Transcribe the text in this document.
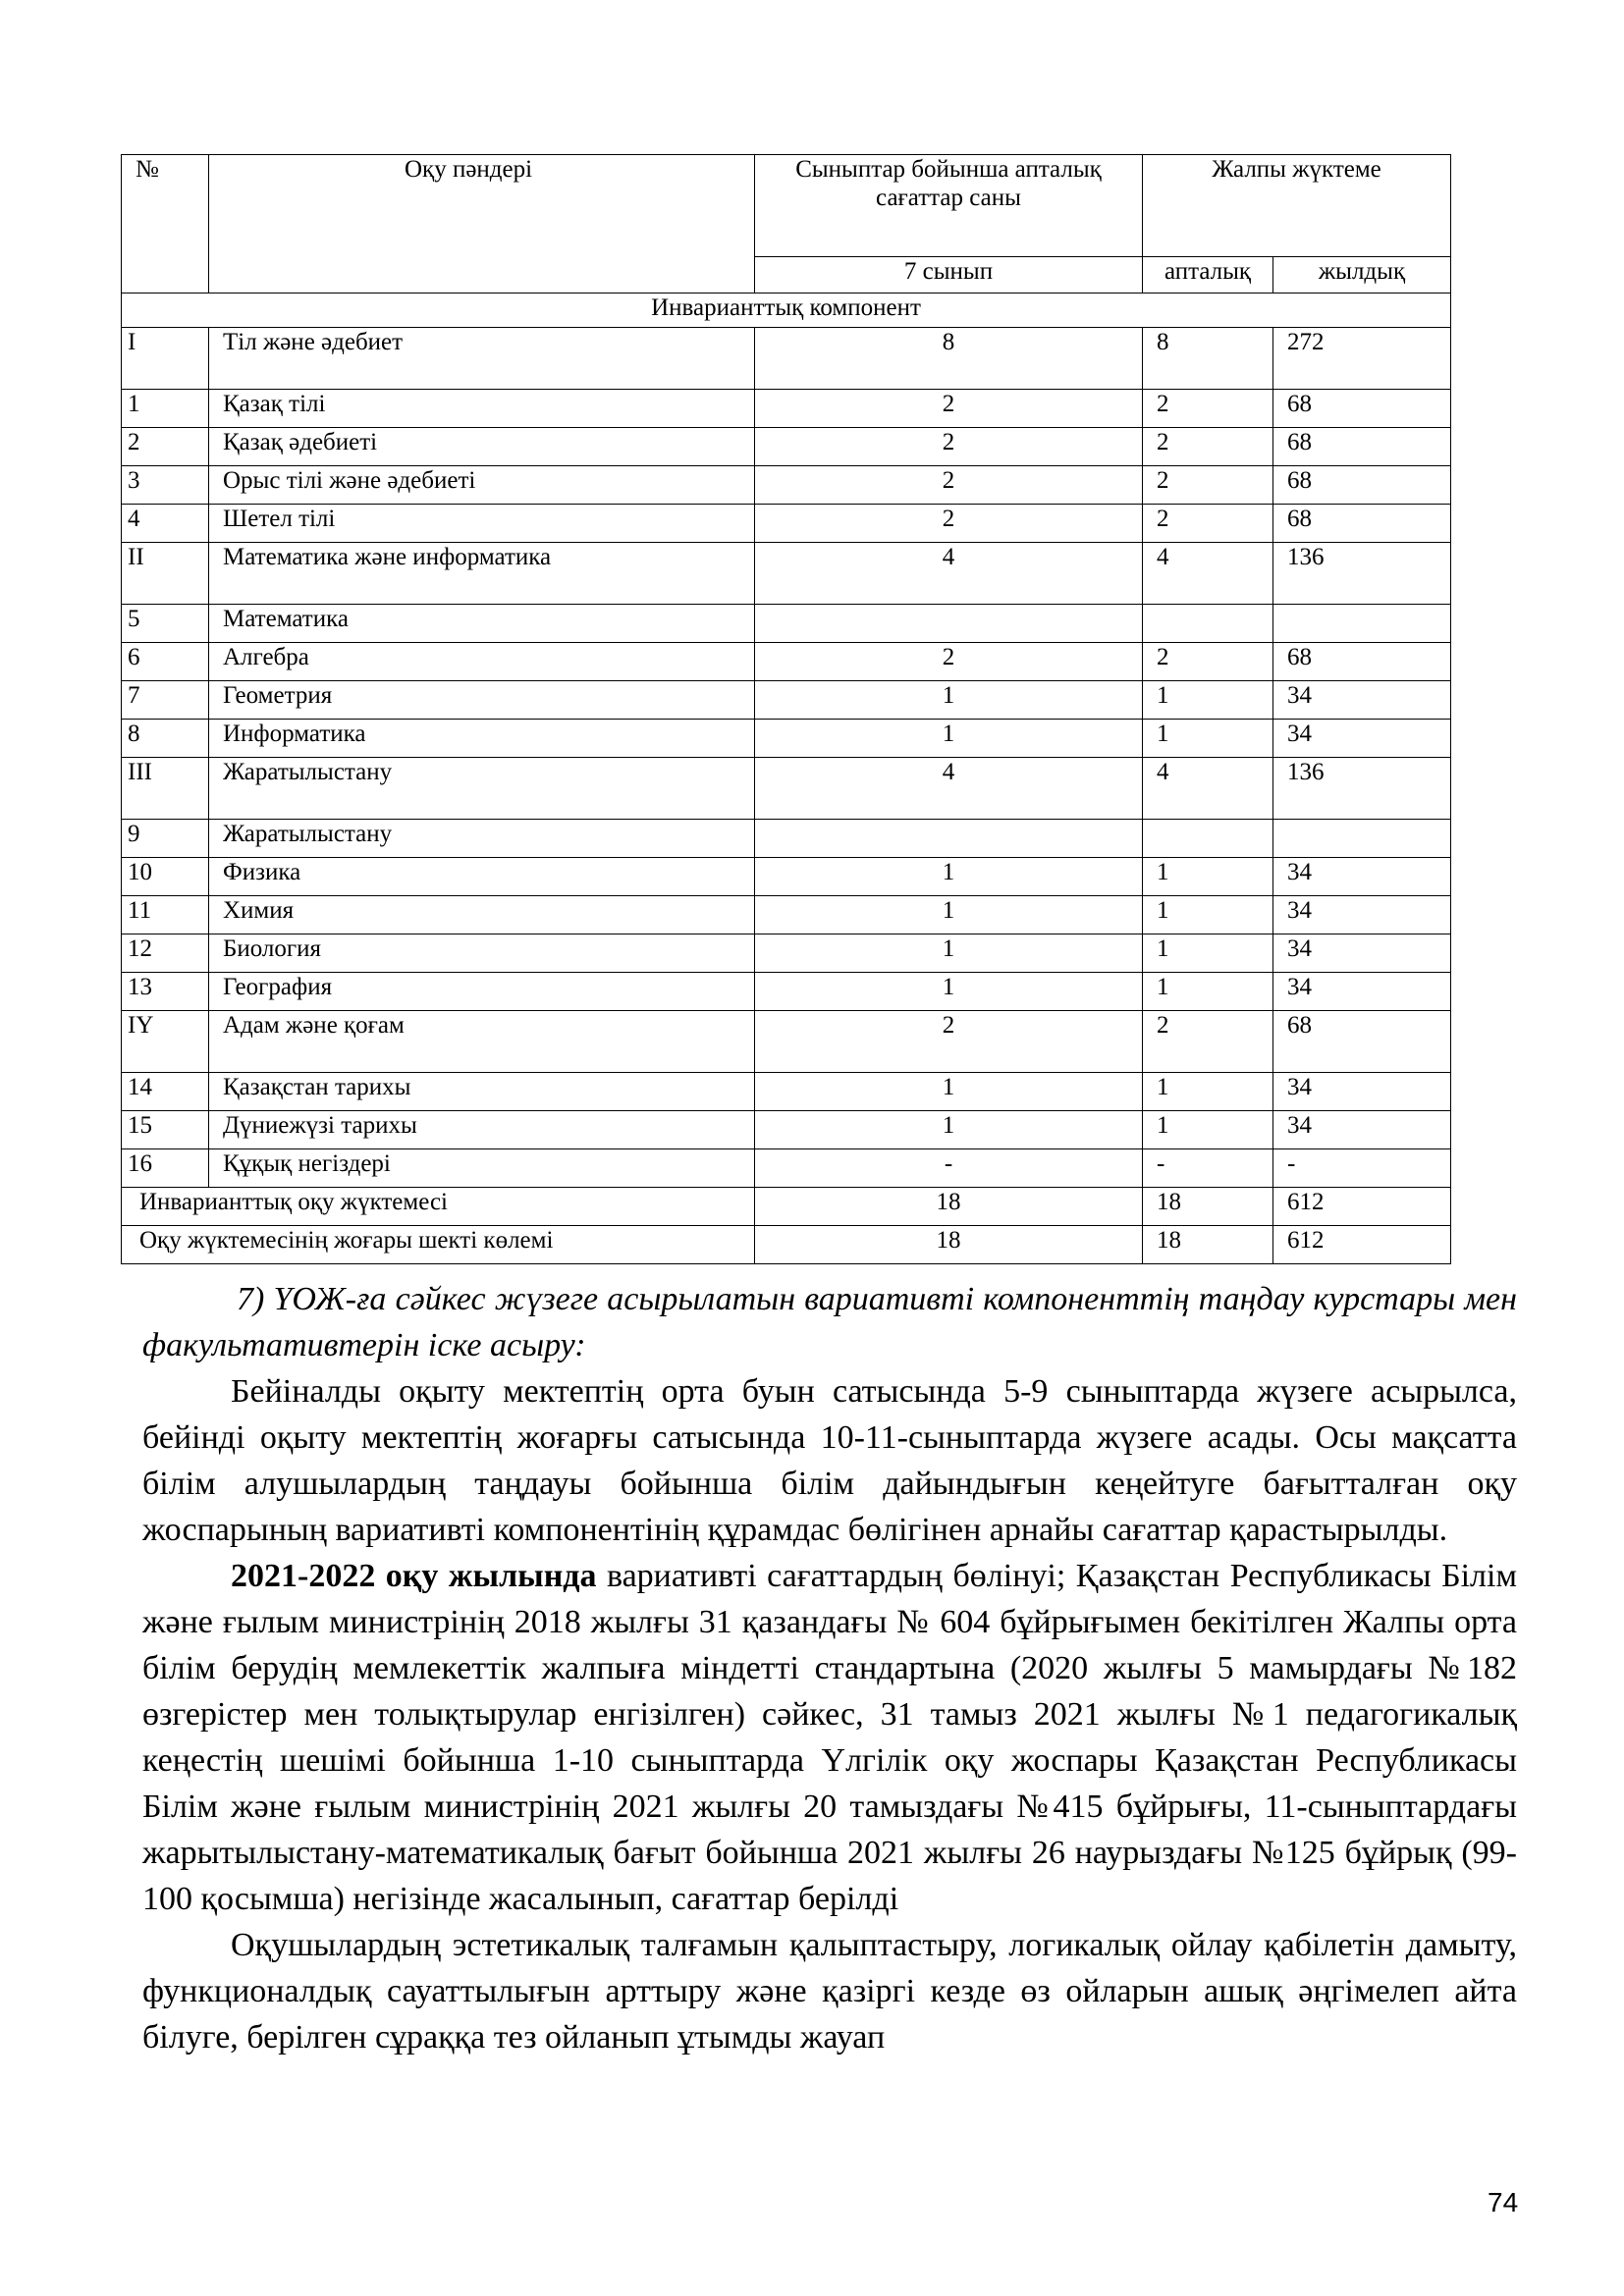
№	Оқу пәндері	Сыныптар бойынша апталық сағаттар саны	Жалпы жүктеме	
		7 сынып	апталық	жылдық
Инварианттық компонент				
I	Тіл және әдебиет	8	8	272
1	Қазақ тілі	2	2	68
2	Қазақ әдебиеті	2	2	68
3	Орыс тілі және әдебиеті	2	2	68
4	Шетел тілі	2	2	68
II	Математика және информатика	4	4	136
5	Математика			
6	Алгебра	2	2	68
7	Геометрия	1	1	34
8	Информатика	1	1	34
III	Жаратылыстану	4	4	136
9	Жаратылыстану			
10	Физика	1	1	34
11	Химия	1	1	34
12	Биология	1	1	34
13	География	1	1	34
IY	Адам және қоғам	2	2	68
14	Қазақстан тарихы	1	1	34
15	Дүниежүзі тарихы	1	1	34
16	Құқық негіздері	-	-	-
Инварианттық оқу жүктемесі		18	18	612
Оқу жүктемесінің жоғары шекті көлемі		18	18	612

7) ҮОЖ-ға сәйкес жүзеге асырылатын вариативті компоненттің таңдау курстары мен факультативтерін іске асыру:

Бейіналды оқыту мектептің орта буын сатысында 5-9 сыныптарда жүзеге асырылса, бейінді оқыту мектептің жоғарғы сатысында 10-11-сыныптарда жүзеге асады. Осы мақсатта білім алушылардың таңдауы бойынша білім дайындығын кеңейтуге бағытталған оқу жоспарының вариативті компонентінің құрамдас бөлігінен арнайы сағаттар қарастырылды.

2021-2022 оқу жылында вариативті сағаттардың бөлінуі; Қазақстан Республикасы Білім және ғылым министрінің 2018 жылғы 31 қазандағы № 604 бұйрығымен бекітілген Жалпы орта білім берудің мемлекеттік жалпыға міндетті стандартына (2020 жылғы 5 мамырдағы №182 өзгерістер мен толықтырулар енгізілген) сәйкес, 31 тамыз 2021 жылғы №1 педагогикалық кеңестің шешімі бойынша 1-10 сыныптарда Үлгілік оқу жоспары Қазақстан Республикасы Білім және ғылым министрінің 2021 жылғы 20 тамыздағы №415 бұйрығы, 11-сыныптардағы жарытылыстану-математикалық бағыт бойынша 2021 жылғы 26 наурыздағы №125 бұйрық (99-100 қосымша) негізінде жасалынып, сағаттар берілді

Оқушылардың эстетикалық талғамын қалыптастыру, логикалық ойлау қабілетін дамыту, функционалдық сауаттылығын арттыру және қазіргі кезде өз ойларын ашық әңгімелеп айта білуге, берілген сұраққа тез ойланып ұтымды жауап

74
